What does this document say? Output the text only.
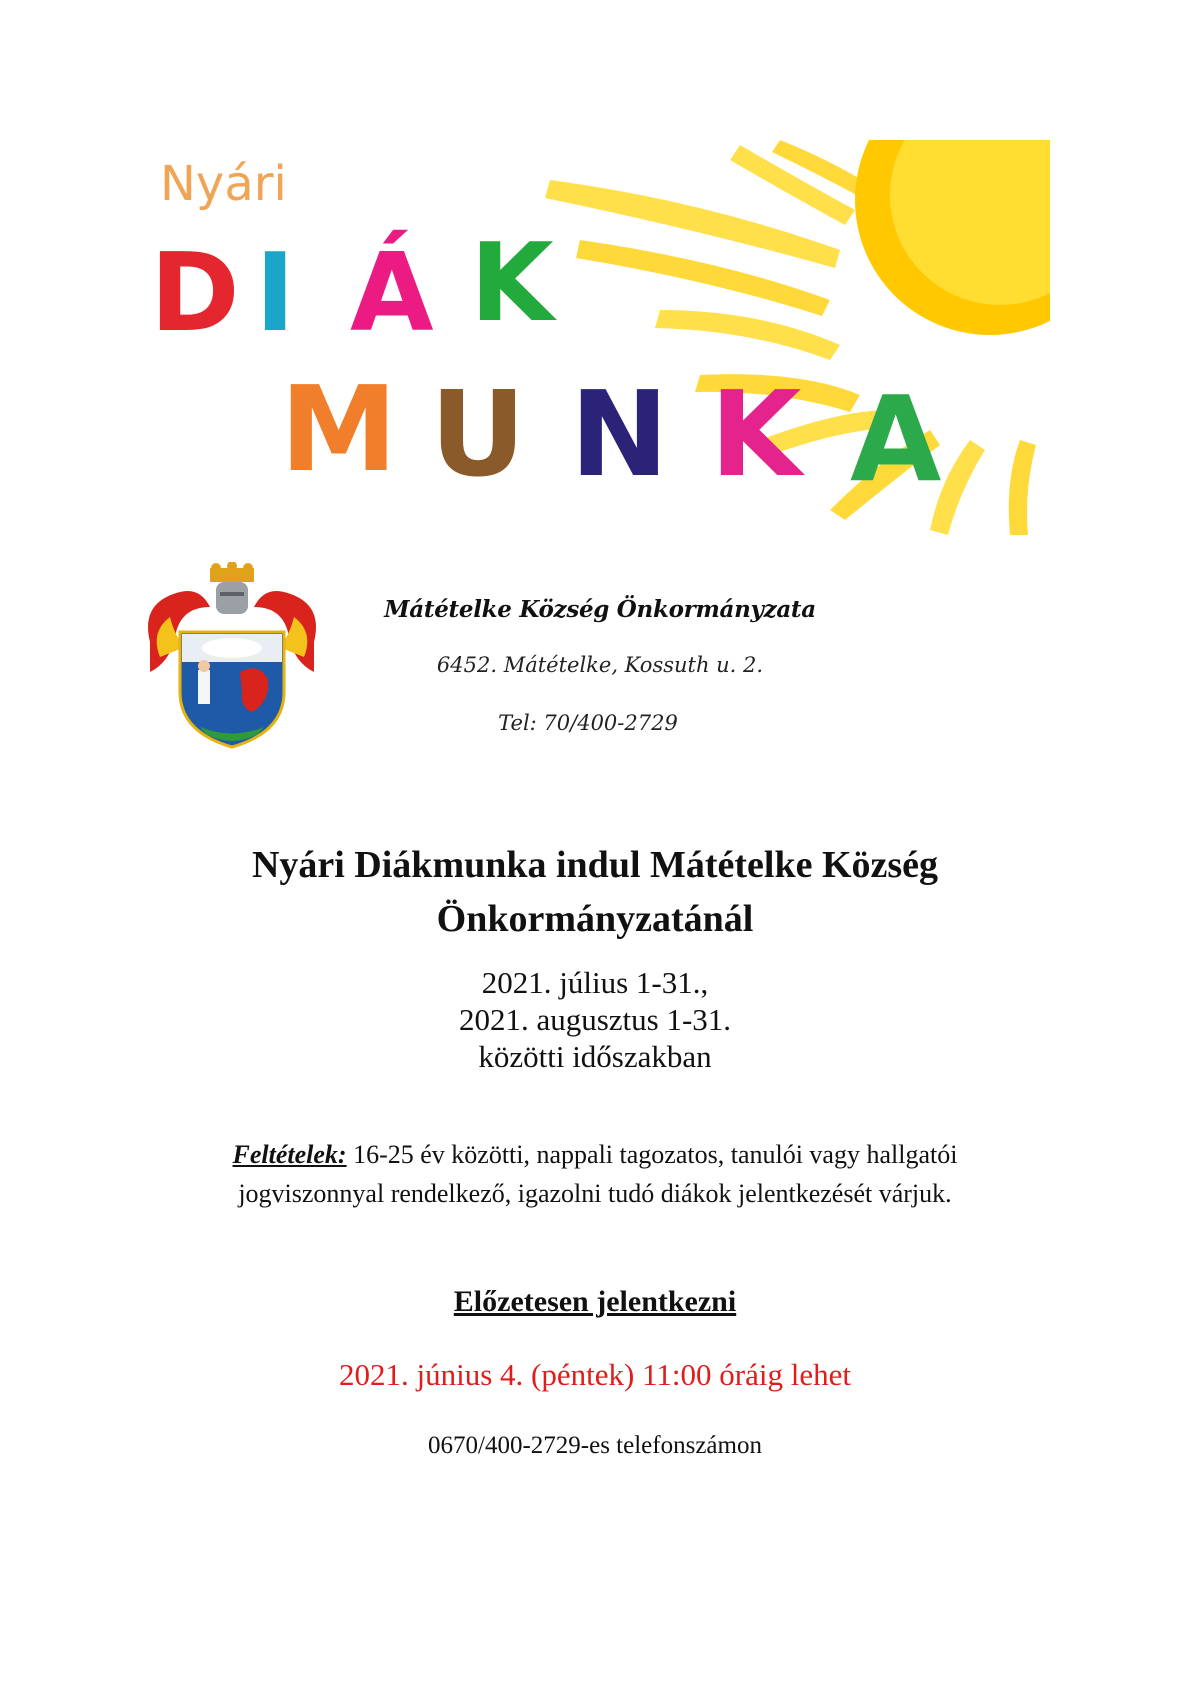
Nyári
D I Á K
M U N K A
Mátételke Község Önkormányzata
6452. Mátételke, Kossuth u. 2.
Tel: 70/400-2729
Nyári Diákmunka indul Mátételke Község
Önkormányzatánál
2021. július 1-31.,
2021. augusztus 1-31.
közötti időszakban
Feltételek: 16-25 év közötti, nappali tagozatos, tanulói vagy hallgatói
jogviszonnyal rendelkező, igazolni tudó diákok jelentkezését várjuk.
Előzetesen jelentkezni
2021. június 4. (péntek) 11:00 óráig lehet
0670/400-2729-es telefonszámon
